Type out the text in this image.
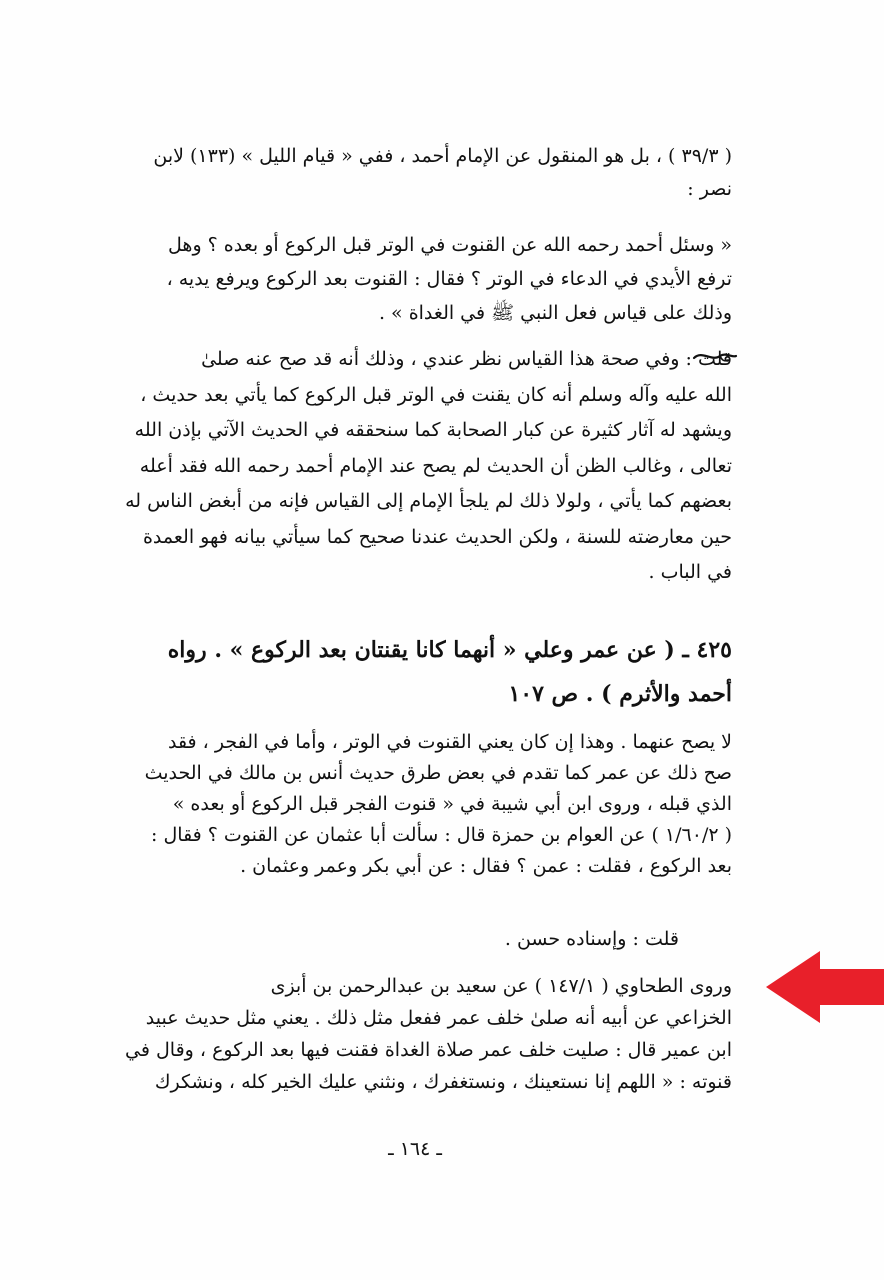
( ٣٩/٣ ) ، بل هو المنقول عن الإمام أحمد ، ففي « قيام الليل » (١٣٣) لابن
نصر :
« وسئل أحمد رحمه الله عن القنوت في الوتر قبل الركوع أو بعده ؟ وهل
ترفع الأيدي في الدعاء في الوتر ؟ فقال : القنوت بعد الركوع ويرفع يديه ،
وذلك على قياس فعل النبي ﷺ في الغداة » .
قلت : وفي صحة هذا القياس نظر عندي ، وذلك أنه قد صح عنه صلىٰ
الله عليه وآله وسلم أنه كان يقنت في الوتر قبل الركوع كما يأتي بعد حديث ،
ويشهد له آثار كثيرة عن كبار الصحابة كما سنحققه في الحديث الآتي بإذن الله
تعالى ، وغالب الظن أن الحديث لم يصح عند الإمام أحمد رحمه الله فقد أعله
بعضهم كما يأتي ، ولولا ذلك لم يلجأ الإمام إلى القياس فإنه من أبغض الناس له
حين معارضته للسنة ، ولكن الحديث عندنا صحيح كما سيأتي بيانه فهو العمدة
في الباب .
٤٢٥ ـ ( عن عمر وعلي « أنهما كانا يقنتان بعد الركوع » . رواه
أحمد والأثرم ) . ص ١٠٧
لا يصح عنهما . وهذا إن كان يعني القنوت في الوتر ، وأما في الفجر ، فقد
صح ذلك عن عمر كما تقدم في بعض طرق حديث أنس بن مالك في الحديث
الذي قبله ، وروى ابن أبي شيبة في « قنوت الفجر قبل الركوع أو بعده »
( ١/٦٠/٢ ) عن العوام بن حمزة قال : سألت أبا عثمان عن القنوت ؟ فقال :
بعد الركوع ، فقلت : عمن ؟ فقال : عن أبي بكر وعمر وعثمان .
قلت : وإسناده حسن .
وروى الطحاوي ( ١٤٧/١ ) عن سعيد بن عبدالرحمن بن أبزى
الخزاعي عن أبيه أنه صلىٰ خلف عمر ففعل مثل ذلك . يعني مثل حديث عبيد
ابن عمير قال : صليت خلف عمر صلاة الغداة فقنت فيها بعد الركوع ، وقال في
قنوته : « اللهم إنا نستعينك ، ونستغفرك ، ونثني عليك الخير كله ، ونشكرك
ـ ١٦٤ ـ
